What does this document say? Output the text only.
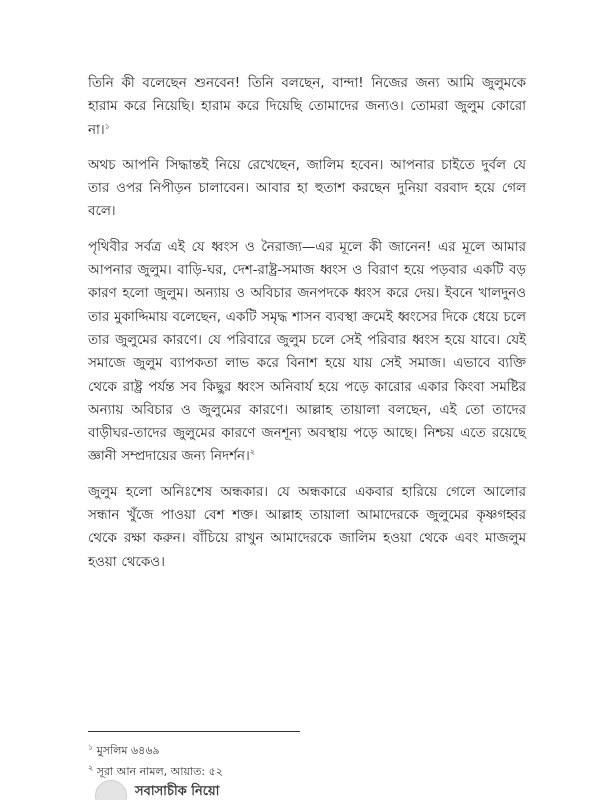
তিনি কী বলেছেন শুনবেন! তিনি বলছেন, বান্দা! নিজের জন্য আমি জুলুমকে হারাম করে নিয়েছি। হারাম করে দিয়েছি তোমাদের জন্যও। তোমরা জুলুম কোরো না।$^১$

অথচ আপনি সিদ্ধান্তই নিয়ে রেখেছেন, জালিম হবেন। আপনার চাইতে দুর্বল যে তার ওপর নিপীড়ন চালাবেন। আবার হা হুতাশ করছেন দুনিয়া বরবাদ হয়ে গেল বলে।

পৃথিবীর সর্বত্র এই যে ধ্বংস ও নৈরাজ্য—এর মূলে কী জানেন! এর মূলে আমার আপনার জুলুম। বাড়ি-ঘর, দেশ-রাষ্ট্র-সমাজ ধ্বংস ও বিরাণ হয়ে পড়বার একটি বড় কারণ হলো জুলুম। অন্যায় ও অবিচার জনপদকে ধ্বংস করে দেয়। ইবনে খালদুনও তার মুকাদ্দিমায় বলেছেন, একটি সমৃদ্ধ শাসন ব্যবস্থা ক্রমেই ধ্বংসের দিকে ধেয়ে চলে তার জুলুমের কারণে। যে পরিবারে জুলুম চলে সেই পরিবার ধ্বংস হয়ে যাবে। যেই সমাজে জুলুম ব্যাপকতা লাভ করে বিনাশ হয়ে যায় সেই সমাজ। এভাবে ব্যক্তি থেকে রাষ্ট্র পর্যন্ত সব কিছুর ধ্বংস অনিবার্য হয়ে পড়ে কারোর একার কিংবা সমষ্টির অন্যায় অবিচার ও জুলুমের কারণে। আল্লাহ তায়ালা বলছেন, এই তো তাদের বাড়ীঘর-তাদের জুলুমের কারণে জনশূন্য অবস্থায় পড়ে আছে। নিশ্চয় এতে রয়েছে জ্ঞানী সম্প্রদায়ের জন্য নিদর্শন।$^২$

জুলুম হলো অনিঃশেষ অন্ধকার। যে অন্ধকারে একবার হারিয়ে গেলে আলোর সন্ধান খুঁজে পাওয়া বেশ শক্ত। আল্লাহ তায়ালা আমাদেরকে জুলুমের কৃষ্ণগহ্বর থেকে রক্ষা করুন। বাঁচিয়ে রাখুন আমাদেরকে জালিম হওয়া থেকে এবং মাজলুম হওয়া থেকেও।

$^১$ মুসলিম ৬৪৬৯

$^২$ সূরা আন নামল, আয়াত: ৫২

সবাসাচীক নিয়ো
